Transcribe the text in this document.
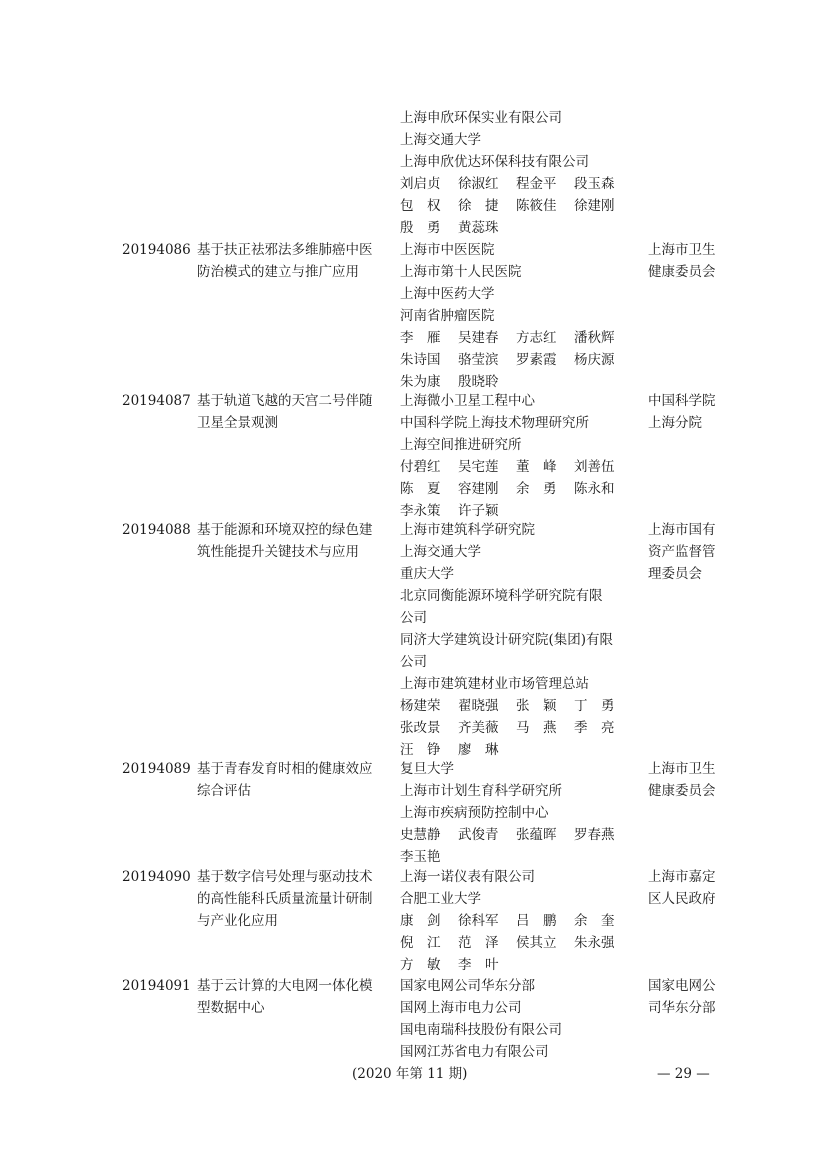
上海申欣环保实业有限公司
上海交通大学
上海申欣优达环保科技有限公司
刘启贞 徐淑红 程金平 段玉森
包　权 徐　捷 陈筱佳 徐建刚
殷　勇 黄蕊珠
20194086 基于扶正祛邪法多维肺癌中医
防治模式的建立与推广应用
上海市中医医院
上海市第十人民医院
上海中医药大学
河南省肿瘤医院
李　雁 吴建春 方志红 潘秋辉
朱诗国 骆莹滨 罗素霞 杨庆源
朱为康 殷晓聆
上海市卫生
健康委员会
20194087 基于轨道飞越的天宫二号伴随
卫星全景观测
上海微小卫星工程中心
中国科学院上海技术物理研究所
上海空间推进研究所
付碧红 吴宅莲 董　峰 刘善伍
陈　夏 容建刚 余　勇 陈永和
李永策 许子颖
中国科学院
上海分院
20194088 基于能源和环境双控的绿色建
筑性能提升关键技术与应用
上海市建筑科学研究院
上海交通大学
重庆大学
北京同衡能源环境科学研究院有限
公司
同济大学建筑设计研究院(集团)有限
公司
上海市建筑建材业市场管理总站
杨建荣 翟晓强 张　颖 丁　勇
张改景 齐美薇 马　燕 季　亮
汪　铮 廖　琳
上海市国有
资产监督管
理委员会
20194089 基于青春发育时相的健康效应
综合评估
复旦大学
上海市计划生育科学研究所
上海市疾病预防控制中心
史慧静 武俊青 张蕴晖 罗春燕
李玉艳
上海市卫生
健康委员会
20194090 基于数字信号处理与驱动技术
的高性能科氏质量流量计研制
与产业化应用
上海一诺仪表有限公司
合肥工业大学
康　剑 徐科军 吕　鹏 余　奎
倪　江 范　泽 侯其立 朱永强
方　敏 李　叶
上海市嘉定
区人民政府
20194091 基于云计算的大电网一体化模
型数据中心
国家电网公司华东分部
国网上海市电力公司
国电南瑞科技股份有限公司
国网江苏省电力有限公司
国家电网公
司华东分部
(2020 年第 11 期)	— 29 —
